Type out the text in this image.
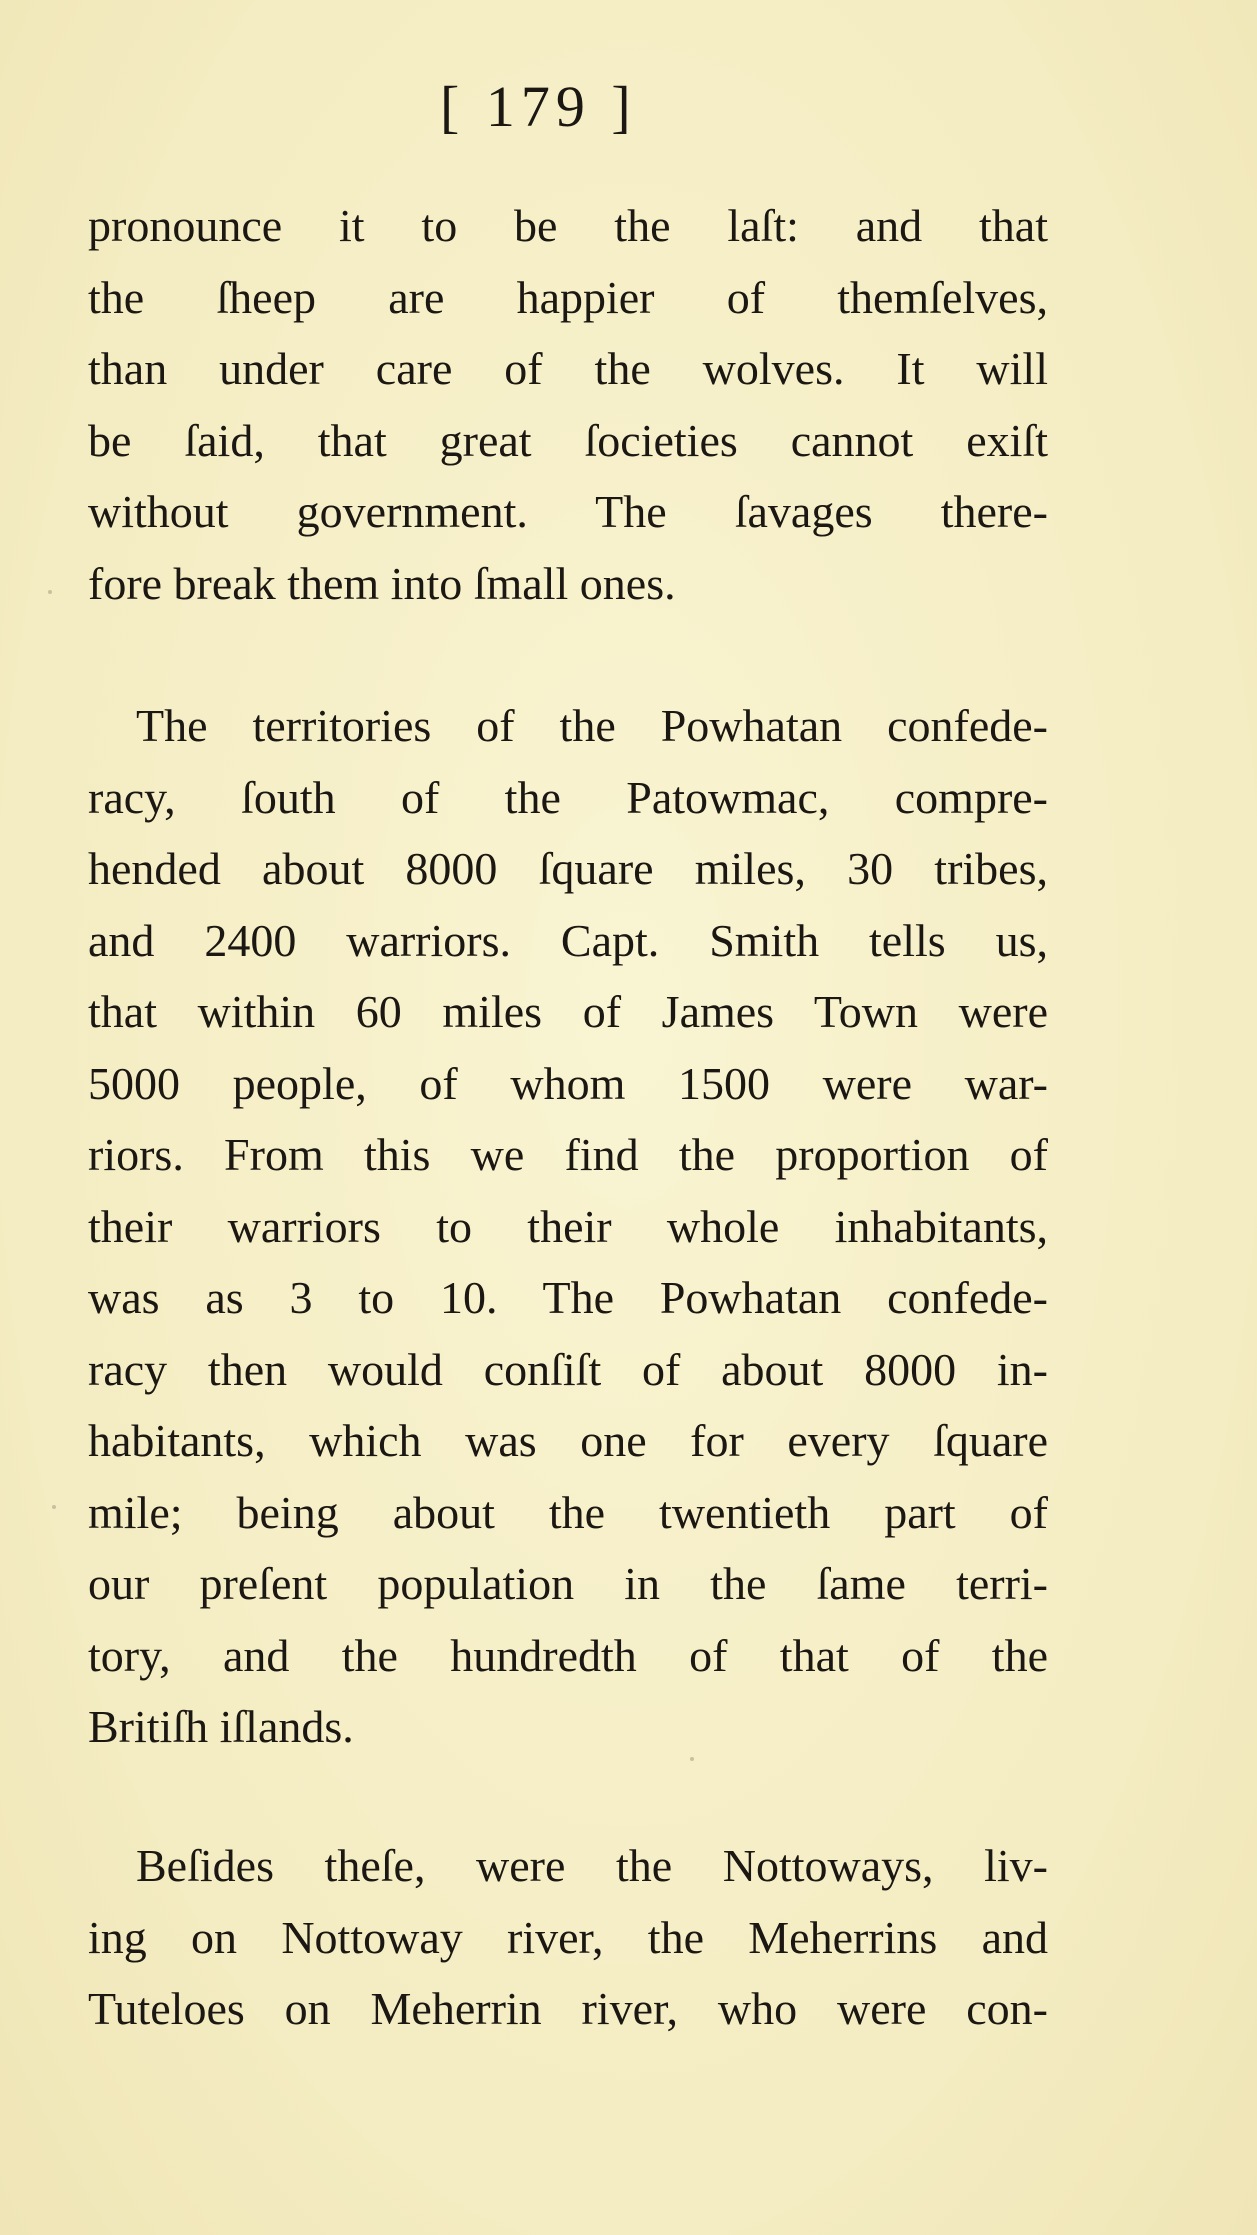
[ 179 ]
pronounce it to be the laſt: and that
the ſheep are happier of themſelves,
than under care of the wolves. It will
be ſaid, that great ſocieties cannot exiſt
without government. The ſavages there-
fore break them into ſmall ones.
The territories of the Powhatan confede-
racy, ſouth of the Patowmac, compre-
hended about 8000 ſquare miles, 30 tribes,
and 2400 warriors. Capt. Smith tells us,
that within 60 miles of James Town were
5000 people, of whom 1500 were war-
riors. From this we find the proportion of
their warriors to their whole inhabitants,
was as 3 to 10. The Powhatan confede-
racy then would conſiſt of about 8000 in-
habitants, which was one for every ſquare
mile; being about the twentieth part of
our preſent population in the ſame terri-
tory, and the hundredth of that of the
Britiſh iſlands.
Beſides theſe, were the Nottoways, liv-
ing on Nottoway river, the Meherrins and
Tuteloes on Meherrin river, who were con-
